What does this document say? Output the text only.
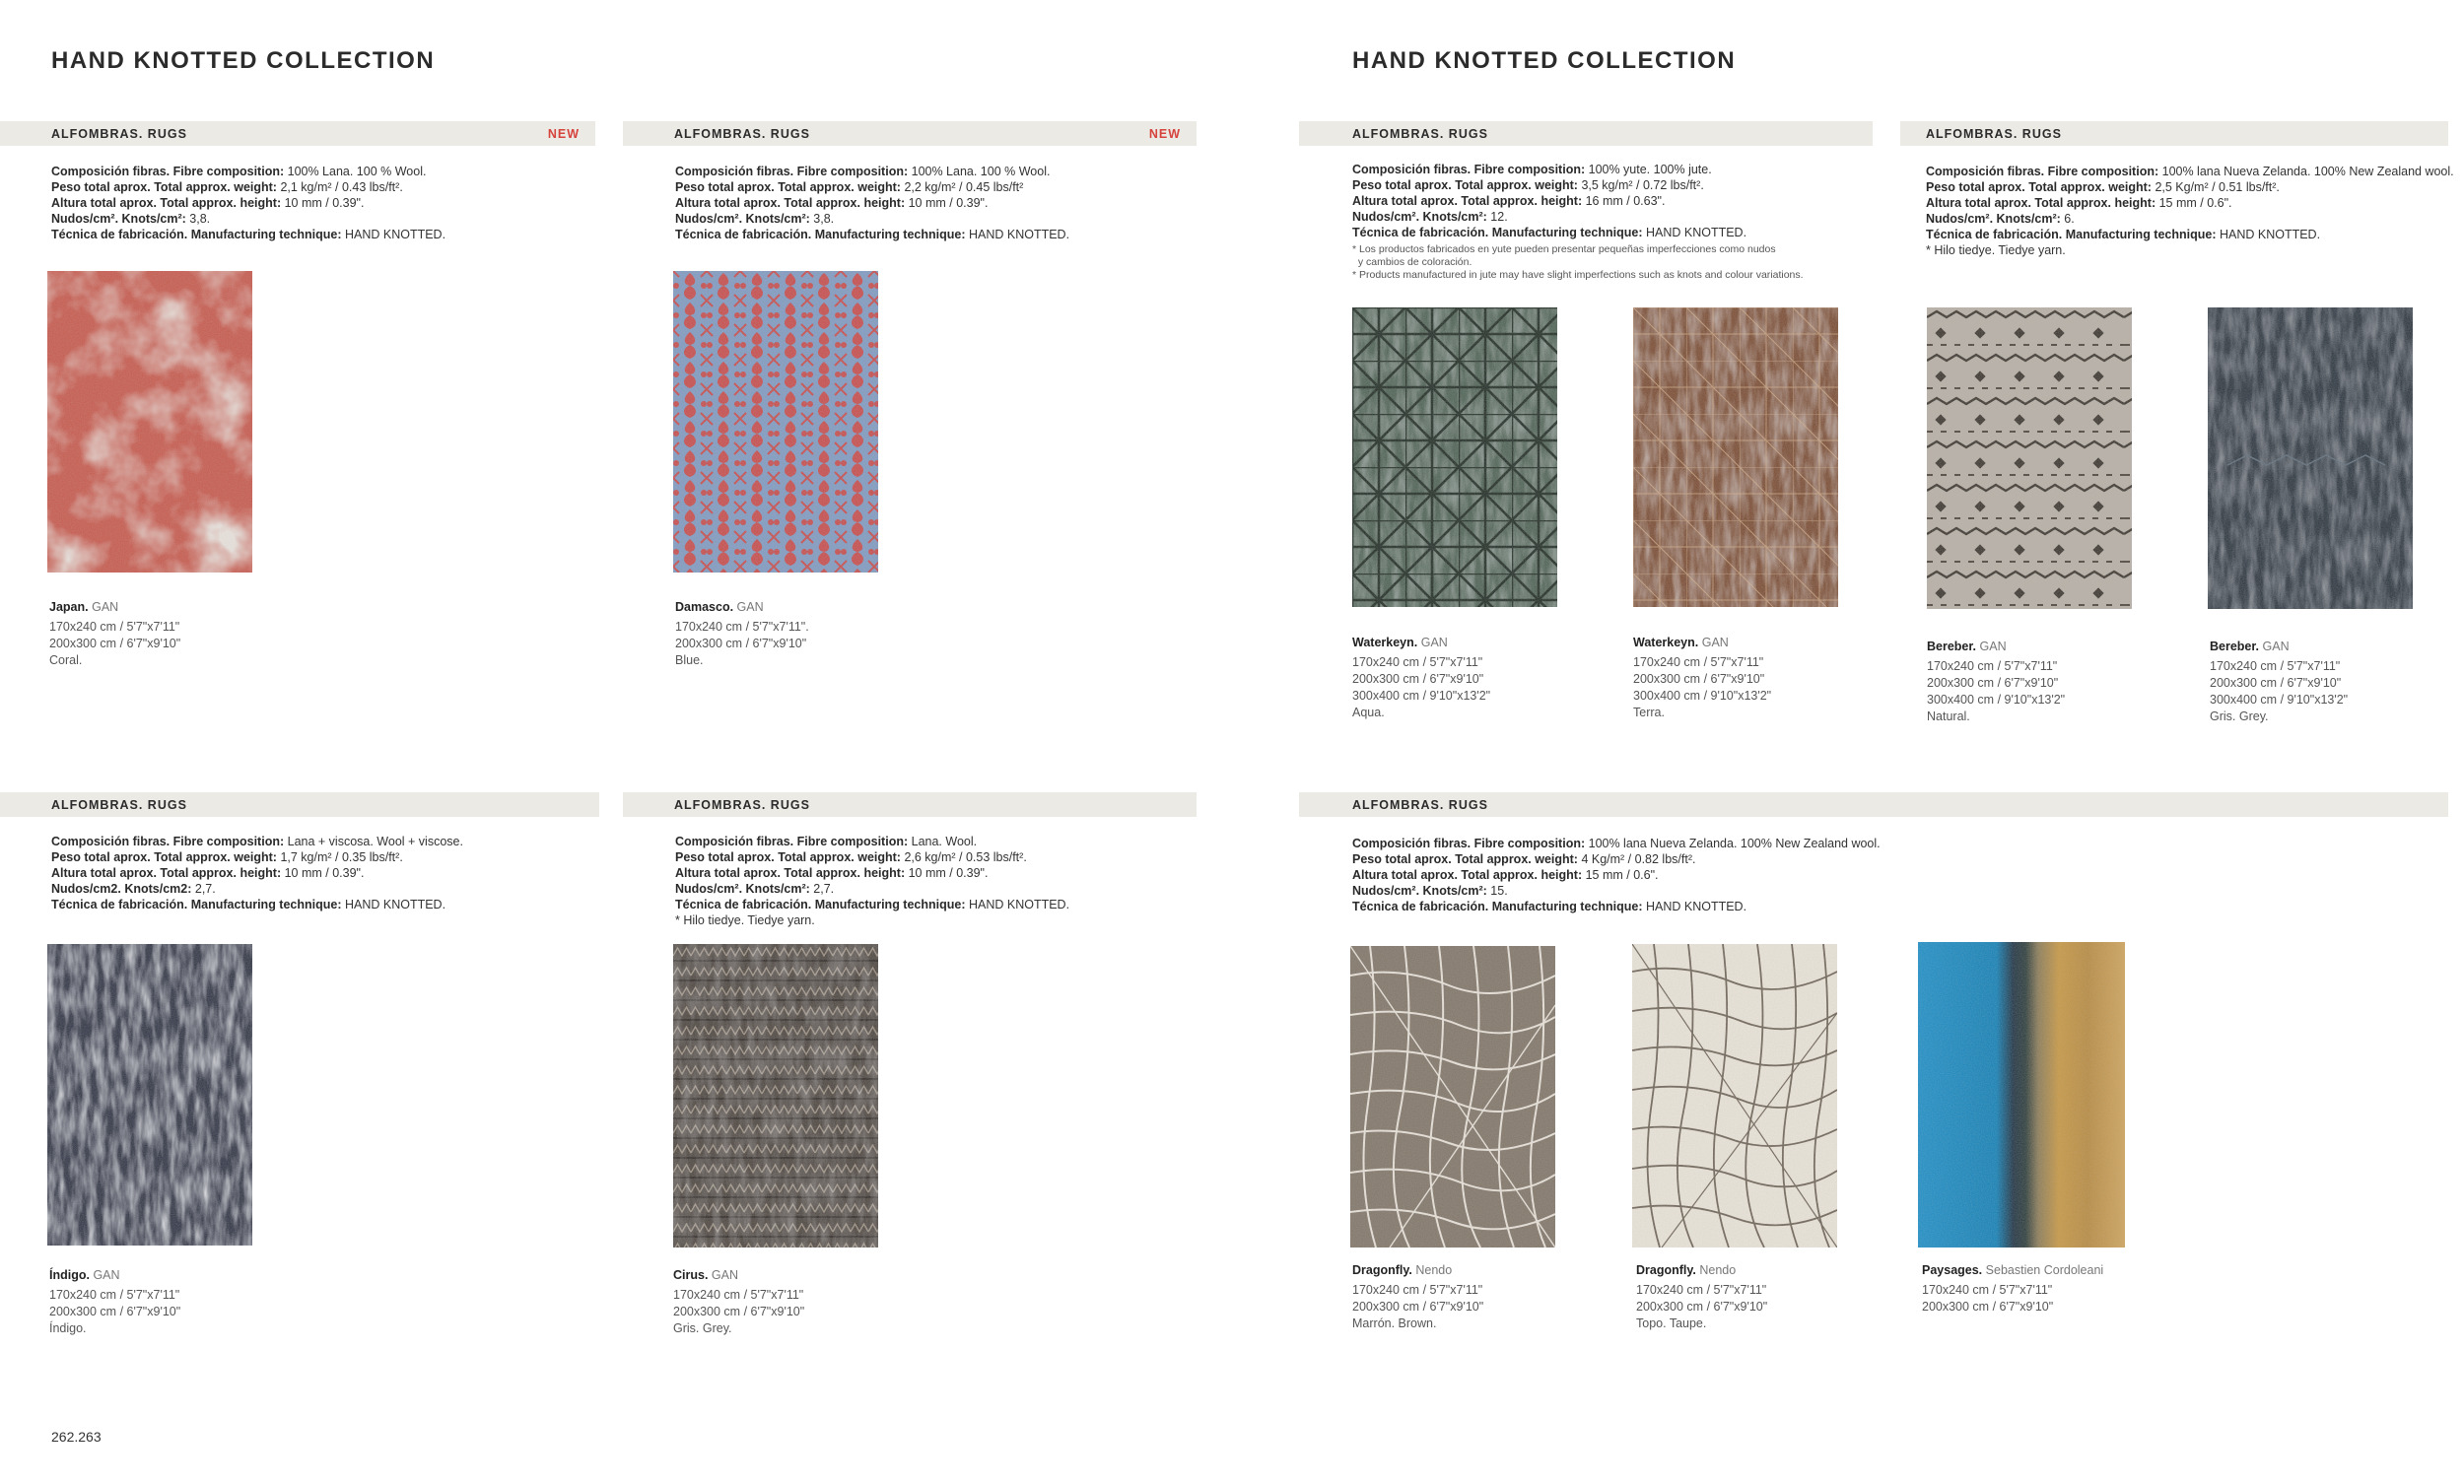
HAND KNOTTED COLLECTION	HAND KNOTTED COLLECTION
ALFOMBRAS. RUGS	NEW
Composición fibras. Fibre composition: 100% Lana. 100 % Wool.
Peso total aprox. Total approx. weight: 2,1 kg/m² / 0.43 lbs/ft².
Altura total aprox. Total approx. height: 10 mm / 0.39".
Nudos/cm². Knots/cm²: 3,8.
Técnica de fabricación. Manufacturing technique: HAND KNOTTED.
Japan. GAN
170x240 cm / 5'7"x7'11"
200x300 cm / 6'7"x9'10"
Coral.
ALFOMBRAS. RUGS	NEW
Composición fibras. Fibre composition: 100% Lana. 100 % Wool.
Peso total aprox. Total approx. weight: 2,2 kg/m² / 0.45 lbs/ft²
Altura total aprox. Total approx. height: 10 mm / 0.39".
Nudos/cm². Knots/cm²: 3,8.
Técnica de fabricación. Manufacturing technique: HAND KNOTTED.
Damasco. GAN
170x240 cm / 5'7"x7'11".
200x300 cm / 6'7"x9'10"
Blue.
ALFOMBRAS. RUGS
Composición fibras. Fibre composition: 100% yute. 100% jute.
Peso total aprox. Total approx. weight: 3,5 kg/m² / 0.72 lbs/ft².
Altura total aprox. Total approx. height: 16 mm / 0.63".
Nudos/cm². Knots/cm²: 12.
Técnica de fabricación. Manufacturing technique: HAND KNOTTED.
* Los productos fabricados en yute pueden presentar pequeñas imperfecciones como nudos
y cambios de coloración.
* Products manufactured in jute may have slight imperfections such as knots and colour variations.
Waterkeyn. GAN
170x240 cm / 5'7"x7'11"
200x300 cm / 6'7"x9'10"
300x400 cm / 9'10"x13'2"
Aqua.
Waterkeyn. GAN
170x240 cm / 5'7"x7'11"
200x300 cm / 6'7"x9'10"
300x400 cm / 9'10"x13'2"
Terra.
ALFOMBRAS. RUGS
Composición fibras. Fibre composition: 100% lana Nueva Zelanda. 100% New Zealand wool.
Peso total aprox. Total approx. weight: 2,5 Kg/m² / 0.51 lbs/ft².
Altura total aprox. Total approx. height: 15 mm / 0.6".
Nudos/cm². Knots/cm²: 6.
Técnica de fabricación. Manufacturing technique: HAND KNOTTED.
* Hilo tiedye. Tiedye yarn.
Bereber. GAN
170x240 cm / 5'7"x7'11"
200x300 cm / 6'7"x9'10"
300x400 cm / 9'10"x13'2"
Natural.
Bereber. GAN
170x240 cm / 5'7"x7'11"
200x300 cm / 6'7"x9'10"
300x400 cm / 9'10"x13'2"
Gris. Grey.
ALFOMBRAS. RUGS
Composición fibras. Fibre composition: Lana + viscosa. Wool + viscose.
Peso total aprox. Total approx. weight: 1,7 kg/m² / 0.35 lbs/ft².
Altura total aprox. Total approx. height: 10 mm / 0.39".
Nudos/cm2. Knots/cm2: 2,7.
Técnica de fabricación. Manufacturing technique: HAND KNOTTED.
Índigo. GAN
170x240 cm / 5'7"x7'11"
200x300 cm / 6'7"x9'10"
Índigo.
ALFOMBRAS. RUGS
Composición fibras. Fibre composition: Lana. Wool.
Peso total aprox. Total approx. weight: 2,6 kg/m² / 0.53 lbs/ft².
Altura total aprox. Total approx. height: 10 mm / 0.39".
Nudos/cm². Knots/cm²: 2,7.
Técnica de fabricación. Manufacturing technique: HAND KNOTTED.
* Hilo tiedye. Tiedye yarn.
Cirus. GAN
170x240 cm / 5'7"x7'11"
200x300 cm / 6'7"x9'10"
Gris. Grey.
ALFOMBRAS. RUGS
Composición fibras. Fibre composition: 100% lana Nueva Zelanda. 100% New Zealand wool.
Peso total aprox. Total approx. weight: 4 Kg/m² / 0.82 lbs/ft².
Altura total aprox. Total approx. height: 15 mm / 0.6".
Nudos/cm². Knots/cm²: 15.
Técnica de fabricación. Manufacturing technique: HAND KNOTTED.
Dragonfly. Nendo
170x240 cm / 5'7"x7'11"
200x300 cm / 6'7"x9'10"
Marrón. Brown.
Dragonfly. Nendo
170x240 cm / 5'7"x7'11"
200x300 cm / 6'7"x9'10"
Topo. Taupe.
Paysages. Sebastien Cordoleani
170x240 cm / 5'7"x7'11"
200x300 cm / 6'7"x9'10"
262.263
